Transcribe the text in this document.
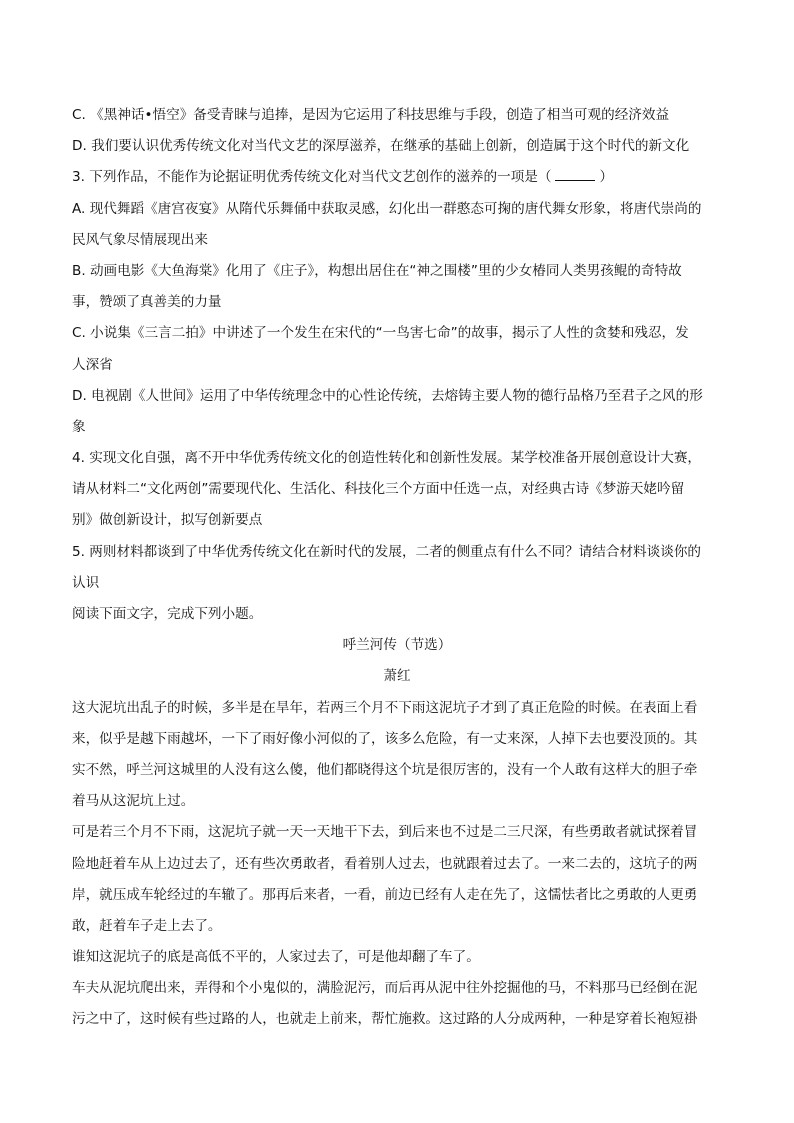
C. 《黑神话•悟空》备受青睐与追捧，是因为它运用了科技思维与手段，创造了相当可观的经济效益
D. 我们要认识优秀传统文化对当代文艺的深厚滋养，在继承的基础上创新，创造属于这个时代的新文化
3. 下列作品，不能作为论据证明优秀传统文化对当代文艺创作的滋养的一项是（	）
A. 现代舞蹈《唐宫夜宴》从隋代乐舞俑中获取灵感，幻化出一群憨态可掬的唐代舞女形象，将唐代崇尚的
民风气象尽情展现出来
B. 动画电影《大鱼海棠》化用了《庄子》，构想出居住在“神之围楼”里的少女椿同人类男孩鲲的奇特故
事，赞颂了真善美的力量
C. 小说集《三言二拍》中讲述了一个发生在宋代的“一鸟害七命”的故事，揭示了人性的贪婪和残忍，发
人深省
D. 电视剧《人世间》运用了中华传统理念中的心性论传统，去熔铸主要人物的德行品格乃至君子之风的形
象
4. 实现文化自强，离不开中华优秀传统文化的创造性转化和创新性发展。某学校准备开展创意设计大赛，
请从材料二“文化两创”需要现代化、生活化、科技化三个方面中任选一点，对经典古诗《梦游天姥吟留
别》做创新设计，拟写创新要点
5. 两则材料都谈到了中华优秀传统文化在新时代的发展，二者的侧重点有什么不同？请结合材料谈谈你的
认识
阅读下面文字，完成下列小题。
呼兰河传（节选）
萧红
这大泥坑出乱子的时候，多半是在旱年，若两三个月不下雨这泥坑子才到了真正危险的时候。在表面上看
来，似乎是越下雨越坏，一下了雨好像小河似的了，该多么危险，有一丈来深，人掉下去也要没顶的。其
实不然，呼兰河这城里的人没有这么傻，他们都晓得这个坑是很厉害的，没有一个人敢有这样大的胆子牵
着马从这泥坑上过。
可是若三个月不下雨，这泥坑子就一天一天地干下去，到后来也不过是二三尺深，有些勇敢者就试探着冒
险地赶着车从上边过去了，还有些次勇敢者，看着别人过去，也就跟着过去了。一来二去的，这坑子的两
岸，就压成车轮经过的车辙了。那再后来者，一看，前边已经有人走在先了，这懦怯者比之勇敢的人更勇
敢，赶着车子走上去了。
谁知这泥坑子的底是高低不平的，人家过去了，可是他却翻了车了。
车夫从泥坑爬出来，弄得和个小鬼似的，满脸泥污，而后再从泥中往外挖掘他的马，不料那马已经倒在泥
污之中了，这时候有些过路的人，也就走上前来，帮忙施救。这过路的人分成两种，一种是穿着长袍短褂
